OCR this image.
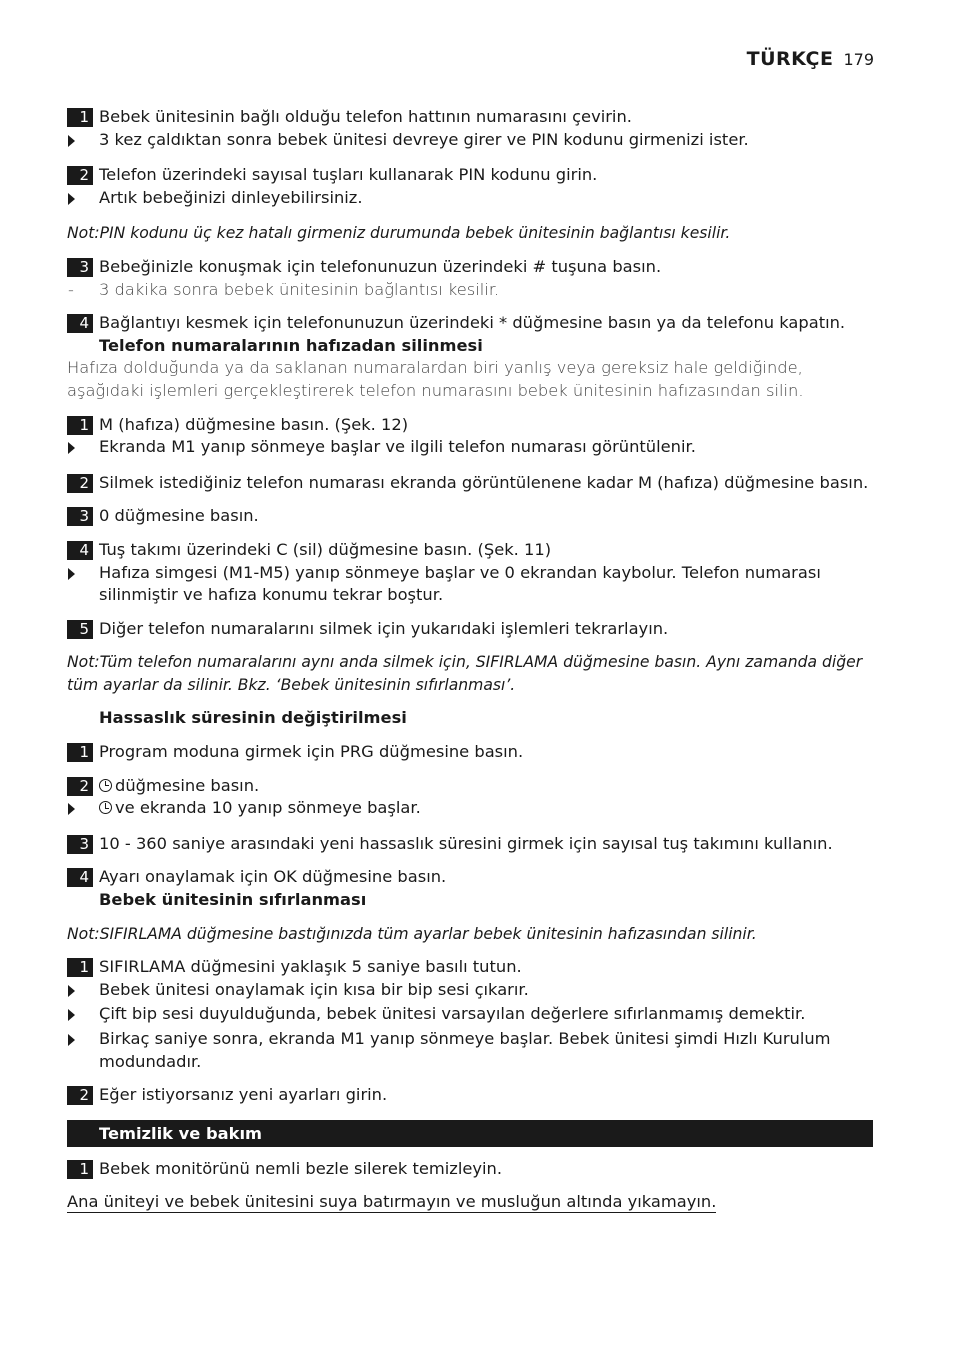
TÜRKÇE 179
1 Bebek ünitesinin bağlı olduğu telefon hattının numarasını çevirin.
3 kez çaldıktan sonra bebek ünitesi devreye girer ve PIN kodunu girmenizi ister.
2 Telefon üzerindeki sayısal tuşları kullanarak PIN kodunu girin.
Artık bebeğinizi dinleyebilirsiniz.
Not:PIN kodunu üç kez hatalı girmeniz durumunda bebek ünitesinin bağlantısı kesilir.
3 Bebeğinizle konuşmak için telefonunuzun üzerindeki # tuşuna basın.
-	3 dakika sonra bebek ünitesinin bağlantısı kesilir.
4 Bağlantıyı kesmek için telefonunuzun üzerindeki * düğmesine basın ya da telefonu kapatın.
Telefon numaralarının hafızadan silinmesi
Hafıza dolduğunda ya da saklanan numaralardan biri yanlış veya gereksiz hale geldiğinde, aşağıdaki işlemleri gerçekleştirerek telefon numarasını bebek ünitesinin hafızasından silin.
1 M (hafıza) düğmesine basın. (Şek. 12)
Ekranda M1 yanıp sönmeye başlar ve ilgili telefon numarası görüntülenir.
2 Silmek istediğiniz telefon numarası ekranda görüntülenene kadar M (hafıza) düğmesine basın.
3 0 düğmesine basın.
4 Tuş takımı üzerindeki C (sil) düğmesine basın. (Şek. 11)
Hafıza simgesi (M1-M5) yanıp sönmeye başlar ve 0 ekrandan kaybolur. Telefon numarası silinmiştir ve hafıza konumu tekrar boştur.
5 Diğer telefon numaralarını silmek için yukarıdaki işlemleri tekrarlayın.
Not:Tüm telefon numaralarını aynı anda silmek için, SIFIRLAMA düğmesine basın. Aynı zamanda diğer tüm ayarlar da silinir. Bkz. ‘Bebek ünitesinin sıfırlanması’.
Hassaslık süresinin değiştirilmesi
1 Program moduna girmek için PRG düğmesine basın.
2	düğmesine basın.
ve ekranda 10 yanıp sönmeye başlar.
3 10 - 360 saniye arasındaki yeni hassaslık süresini girmek için sayısal tuş takımını kullanın.
4 Ayarı onaylamak için OK düğmesine basın.
Bebek ünitesinin sıfırlanması
Not:SIFIRLAMA düğmesine bastığınızda tüm ayarlar bebek ünitesinin hafızasından silinir.
1 SIFIRLAMA düğmesini yaklaşık 5 saniye basılı tutun.
Bebek ünitesi onaylamak için kısa bir bip sesi çıkarır.
Çift bip sesi duyulduğunda, bebek ünitesi varsayılan değerlere sıfırlanmamış demektir.
Birkaç saniye sonra, ekranda M1 yanıp sönmeye başlar. Bebek ünitesi şimdi Hızlı Kurulum modundadır.
2 Eğer istiyorsanız yeni ayarları girin.
Temizlik ve bakım
1 Bebek monitörünü nemli bezle silerek temizleyin.
Ana üniteyi ve bebek ünitesini suya batırmayın ve musluğun altında yıkamayın.
